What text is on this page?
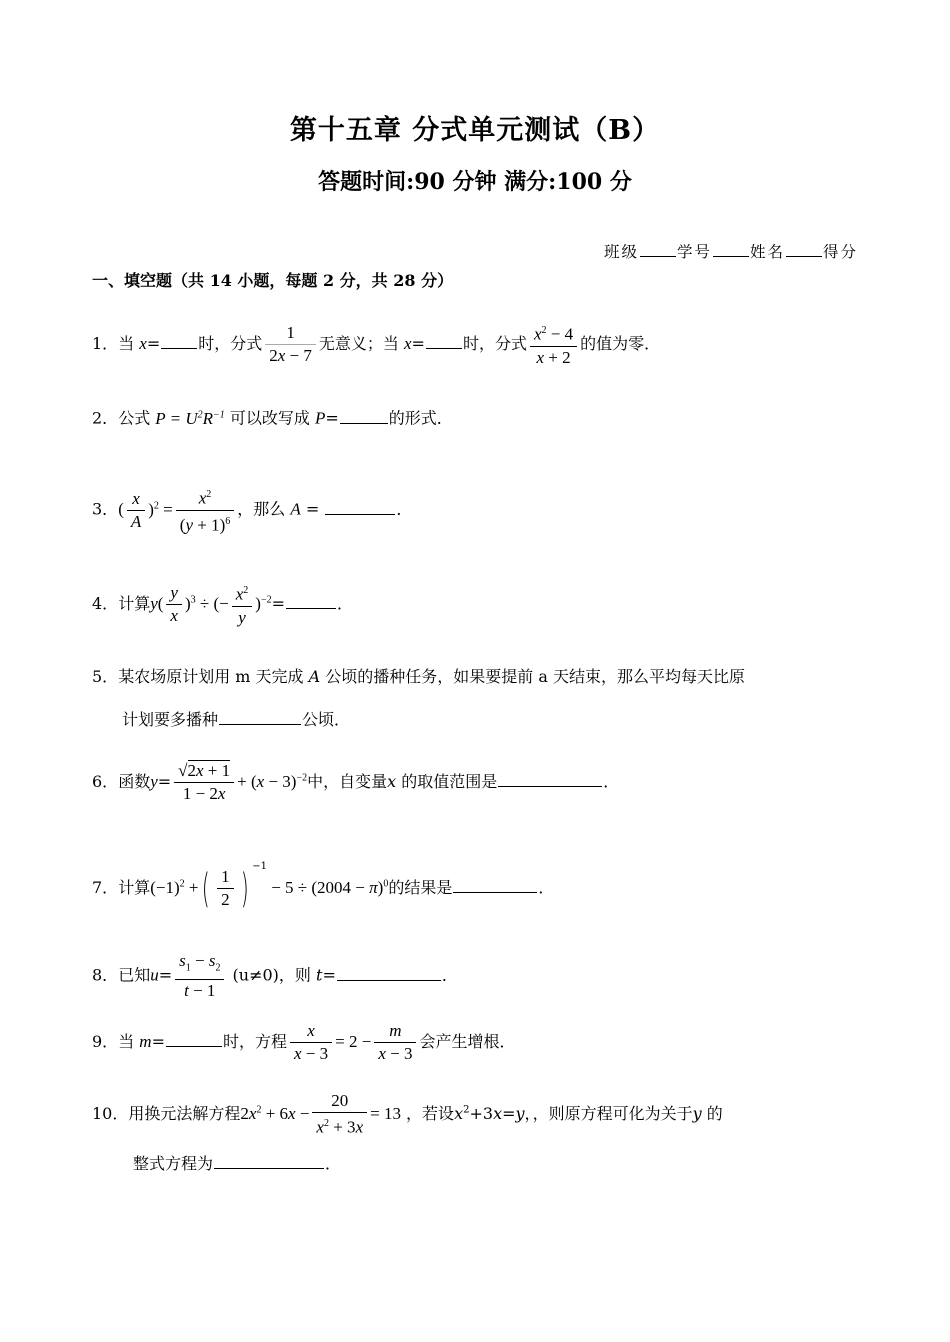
第十五章 分式单元测试（B）
答题时间:90 分钟 满分:100 分
班级 学号 姓名 得分
一、填空题（共 14 小题，每题 2 分，共 28 分）
1．当 x= 时，分式 $\frac{1}{2x - 7}$ 无意义；当 x= 时，分式 $\frac{x^2 - 4}{x + 2}$ 的值为零．
2．公式 $P = U^2R^{-1}$ 可以改写成 P=	的形式．
3．( $\frac{x}{A} )^2 = \frac{x^2}{(y + 1)^6}$ ，那么 A =	．
4．计算$y( \frac{y}{x} )^3$ ÷ (− $\frac{x^2}{y} )^{-2}=$	．
5．某农场原计划用 m 天完成 A 公顷的播种任务，如果要提前 a 天结束，那么平均每天比原
计划要多播种	公顷．
6．函数$y= \frac{√2x + 1}{1 - 2x} + (x - 3)^{-2}$中，自变量x 的取值范围是	．
7．计算$(-1)^2$ +( $\frac{1}{2}$ ) $^{-1} - 5 \div (2004 - \pi)^0$的结果是	．
8．已知$u= \frac{s_1 - s_2}{t - 1} (u\ne 0)$，则 t=	．
9．当 m=	时，方程 $\frac{x}{x - 3} = 2 - \frac{m}{x - 3}$ 会产生增根．
10．用换元法解方程$2x^2 + 6x - \frac{20}{x^2 + 3x} = 13$ ，若设$x^2+3x=y$，，则原方程可化为关于y 的
整式方程为	．
